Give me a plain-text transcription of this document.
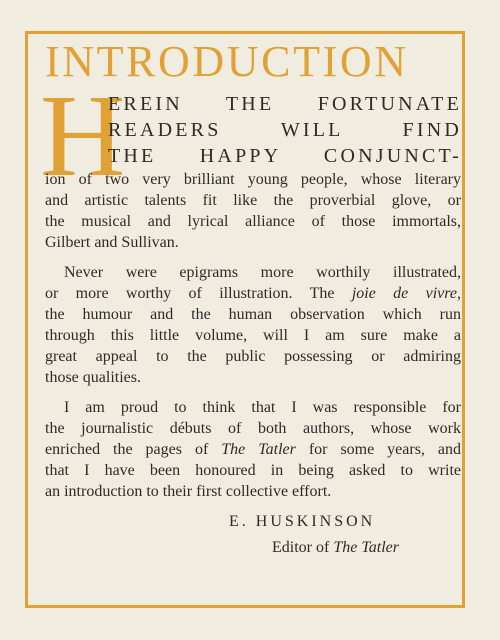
INTRODUCTION
H
EREIN THE FORTUNATE
READERS WILL FIND
THE HAPPY CONJUNCT-
ion of two very brilliant young people, whose literary
and artistic talents fit like the proverbial glove, or
the musical and lyrical alliance of those immortals,
Gilbert and Sullivan.
Never were epigrams more worthily illustrated,
or more worthy of illustration. The joie de vivre,
the humour and the human observation which run
through this little volume, will I am sure make a
great appeal to the public possessing or admiring
those qualities.
I am proud to think that I was responsible for
the journalistic débuts of both authors, whose work
enriched the pages of The Tatler for some years, and
that I have been honoured in being asked to write
an introduction to their first collective effort.
E. HUSKINSON
Editor of The Tatler
